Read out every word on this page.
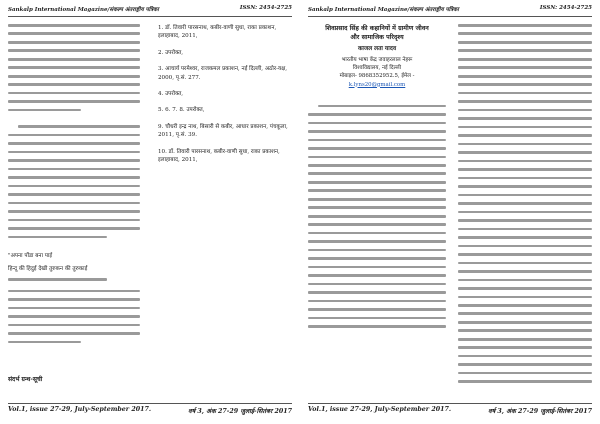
Sankalp International Magazine/संकल्प अंतराष्ट्रीय पत्रिका	ISSN: 2454-2725
"अपना पोंडा बना पाई
हिन्दू की हिदुई देखी तुरुकन की तुरुकाई
संदर्भ ग्रन्थ-सूची
1. डॉ. तिवारी पारसनाथ, कबीर-वाणी सुधा, राका प्रकाशन, इलाहाबाद, 2011,
2. उपरोक्त,
3. आचार्य परमेश्वर, राजकमल प्रकाशन, नई दिल्ली, अठोर-यक्ष, 2000, पृ.सं. 277.
4. उपरोक्त,
5. 6. 7. 8. उपरोक्त,
9. चौधरी इन्द्र नाथ, बिसारी से कबीर, आधार प्रकाशन, पंचकूला, 2011, पृ.सं. 39.
10. डॉ. तिवारी पारसनाथ, कबीर-वाणी सुधा, राका प्रकाशन, इलाहाबाद, 2011,
Vol.1, issue 27-29, July-September 2017.	वर्ष 3, अंक 27-29 जुलाई-सितंबर 2017
Sankalp International Magazine/संकल्प अंतराष्ट्रीय पत्रिका	ISSN: 2454-2725
शिवप्रसाद सिंह की कहानियों में ग्रामीण जीवन
और सामाजिक परिदृश्य
काजल लता यादव
भारतीय भाषा केंद्र जवाहरलाल नेहरू
विश्वविद्यालय, नई दिल्ली
मोबाइल- 9868352952.5, ईमेल -
k.lyns20@gmail.com
Vol.1, issue 27-29, July-September 2017.	वर्ष 3, अंक 27-29 जुलाई-सितंबर 2017
